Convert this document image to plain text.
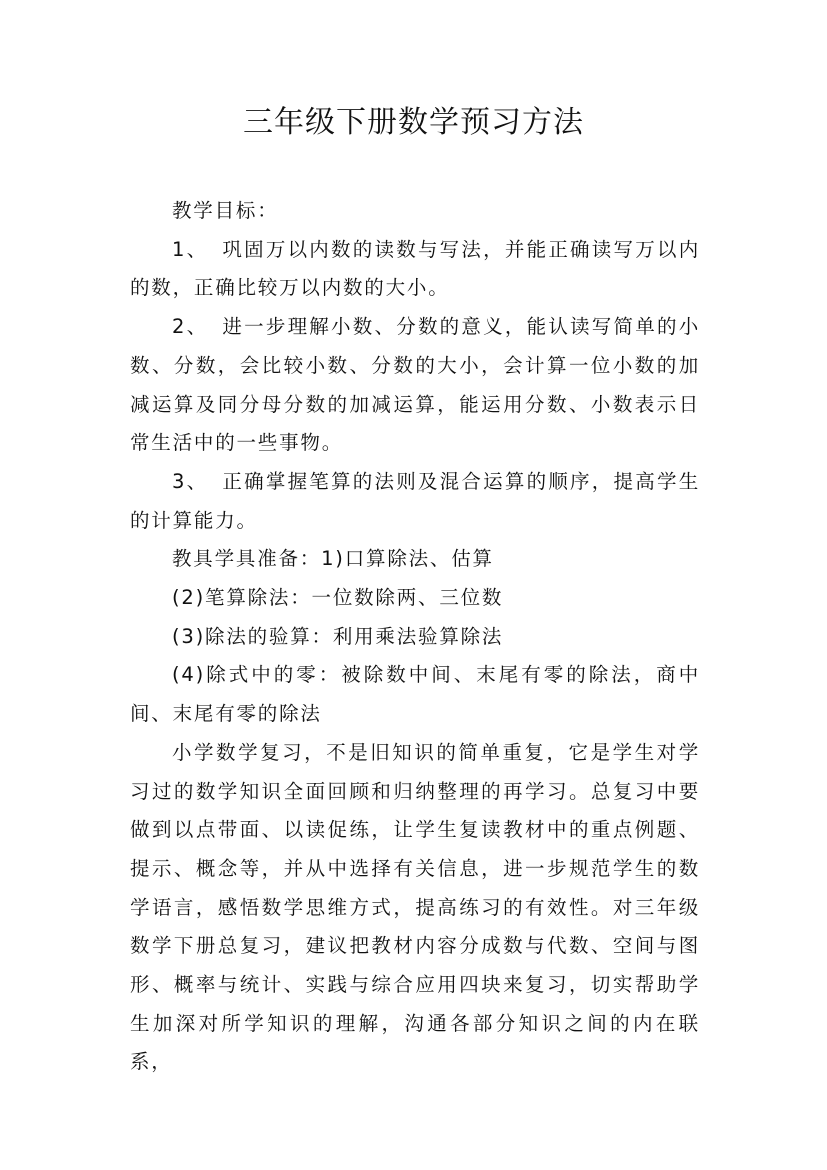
三年级下册数学预习方法

教学目标：

1、 巩固万以内数的读数与写法，并能正确读写万以内的数，正确比较万以内数的大小。

2、 进一步理解小数、分数的意义，能认读写简单的小数、分数，会比较小数、分数的大小，会计算一位小数的加减运算及同分母分数的加减运算，能运用分数、小数表示日常生活中的一些事物。

3、 正确掌握笔算的法则及混合运算的顺序，提高学生的计算能力。

教具学具准备：1)口算除法、估算

(2)笔算除法：一位数除两、三位数

(3)除法的验算：利用乘法验算除法

(4)除式中的零：被除数中间、末尾有零的除法，商中间、末尾有零的除法

小学数学复习，不是旧知识的简单重复，它是学生对学习过的数学知识全面回顾和归纳整理的再学习。总复习中要做到以点带面、以读促练，让学生复读教材中的重点例题、提示、概念等，并从中选择有关信息，进一步规范学生的数学语言，感悟数学思维方式，提高练习的有效性。对三年级数学下册总复习，建议把教材内容分成数与代数、空间与图形、概率与统计、实践与综合应用四块来复习，切实帮助学生加深对所学知识的理解，沟通各部分知识之间的内在联系，
